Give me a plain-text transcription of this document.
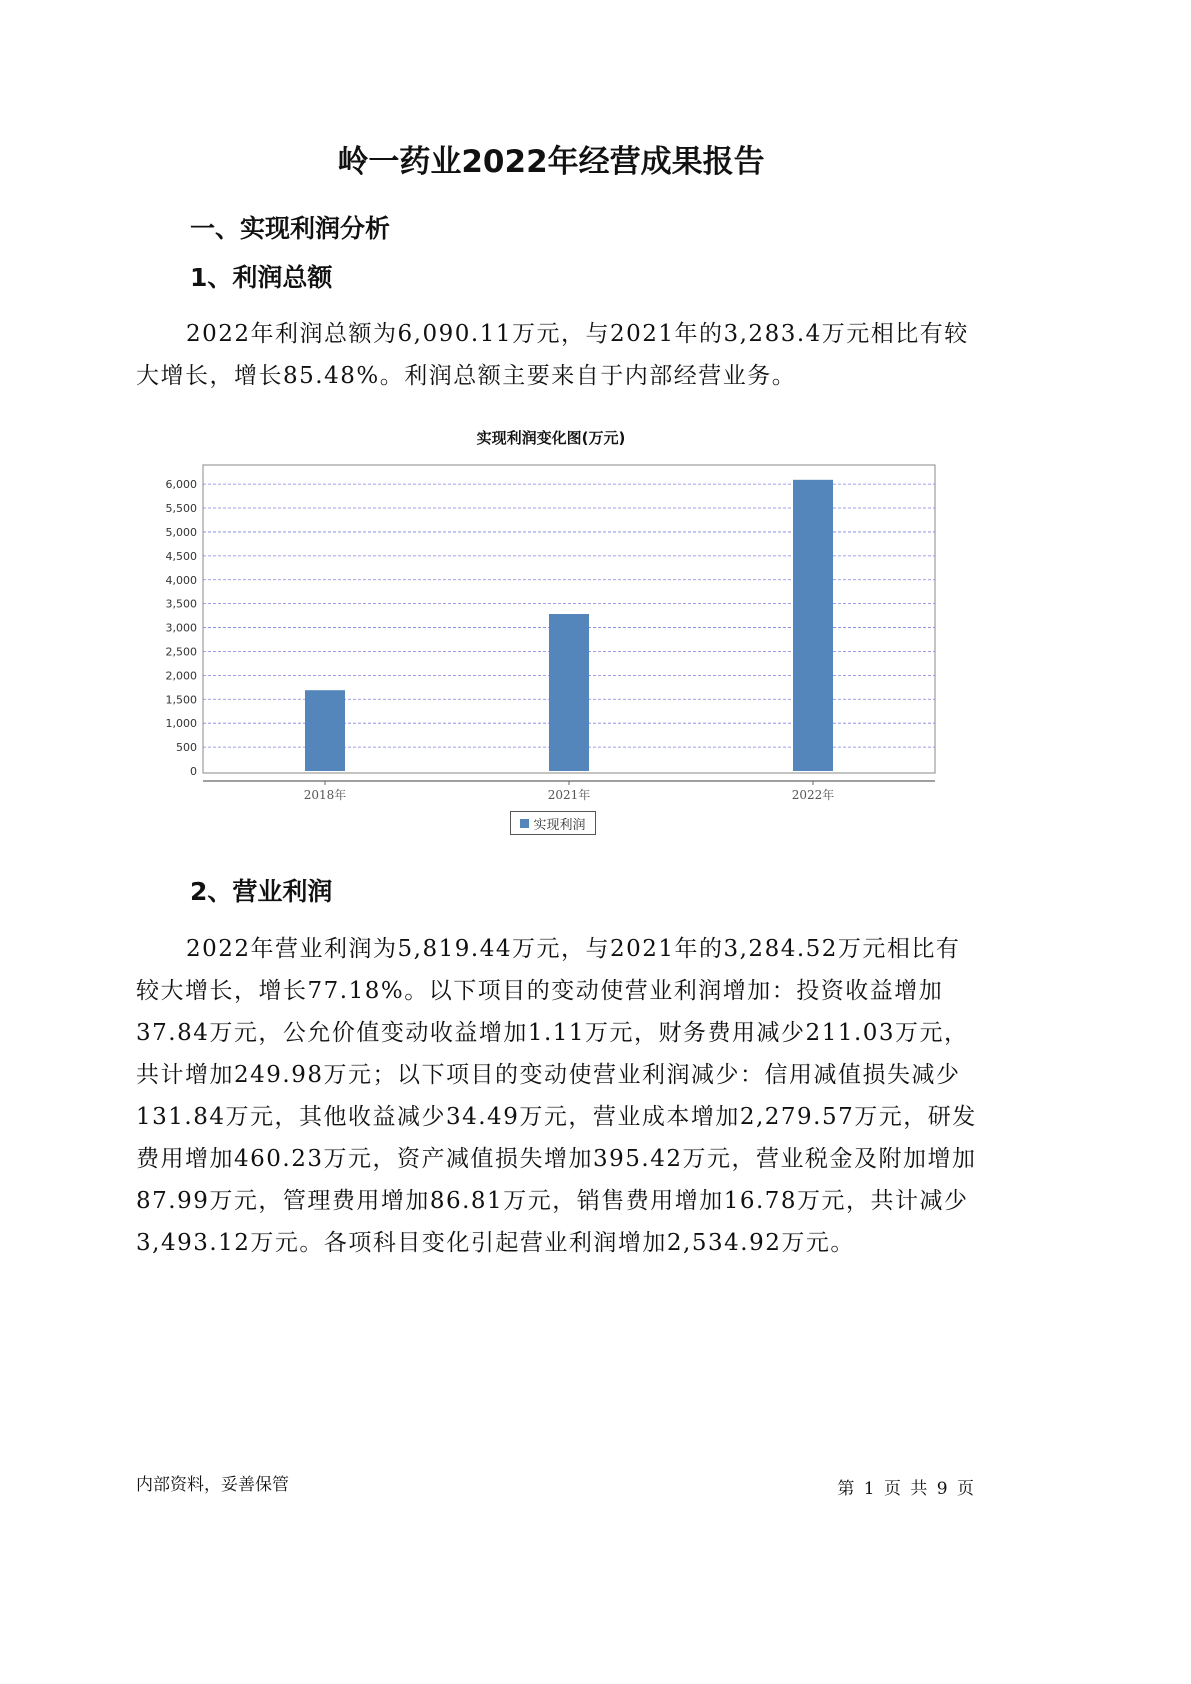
岭一药业2022年经营成果报告
一、实现利润分析
1、利润总额

2022年利润总额为6,090.11万元，与2021年的3,283.4万元相比有较大增长，增长85.48%。利润总额主要来自于内部经营业务。

实现利润变化图(万元)
0
500
1,000
1,500
2,000
2,500
3,000
3,500
4,000
4,500
5,000
5,500
6,000
2018年	2021年	2022年
实现利润
2、营业利润

2022年营业利润为5,819.44万元，与2021年的3,284.52万元相比有较大增长，增长77.18%。以下项目的变动使营业利润增加：投资收益增加37.84万元，公允价值变动收益增加1.11万元，财务费用减少211.03万元，共计增加249.98万元；以下项目的变动使营业利润减少：信用减值损失减少131.84万元，其他收益减少34.49万元，营业成本增加2,279.57万元，研发费用增加460.23万元，资产减值损失增加395.42万元，营业税金及附加增加87.99万元，管理费用增加86.81万元，销售费用增加16.78万元，共计减少3,493.12万元。各项科目变化引起营业利润增加2,534.92万元。

内部资料，妥善保管	第 1 页 共 9 页
